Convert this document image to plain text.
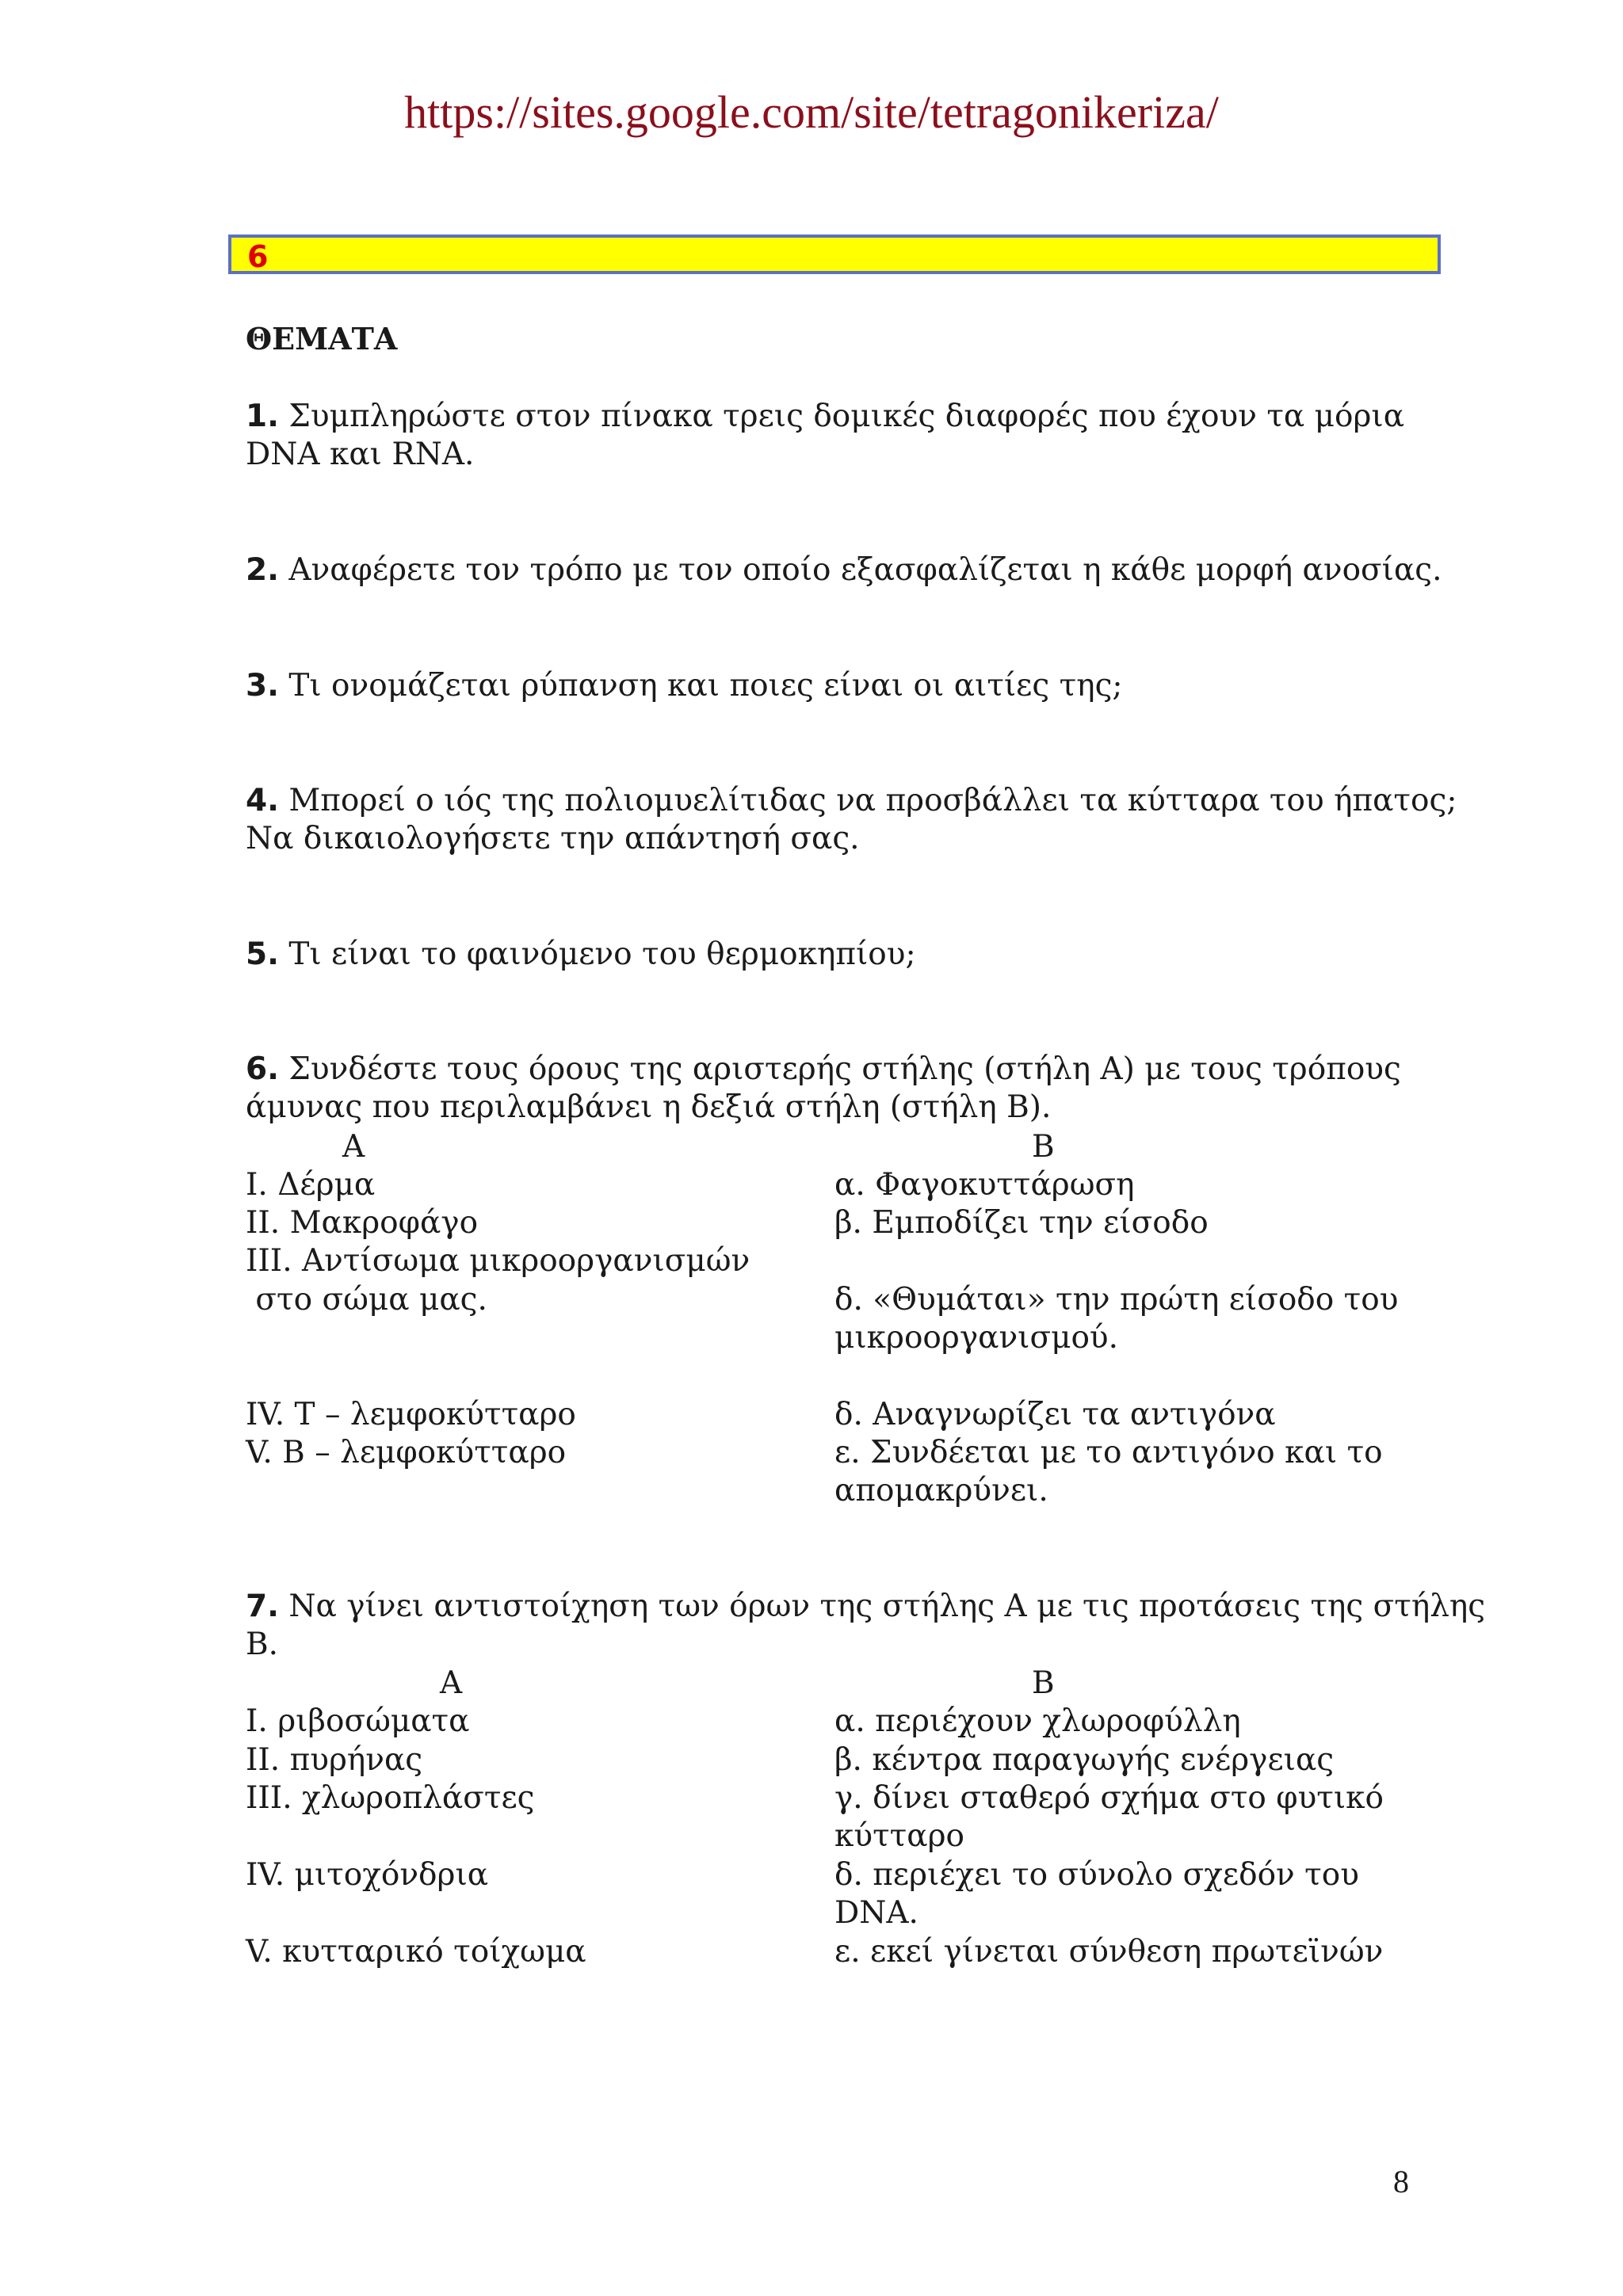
https://sites.google.com/site/tetragonikeriza/
6
ΘΕΜΑΤΑ
1. Συμπληρώστε στον πίνακα τρεις δομικές διαφορές που έχουν τα μόρια
DNA και RNA.
2. Αναφέρετε τον τρόπο με τον οποίο εξασφαλίζεται η κάθε μορφή ανοσίας.
3. Τι ονομάζεται ρύπανση και ποιες είναι οι αιτίες της;
4. Μπορεί ο ιός της πολιομυελίτιδας να προσβάλλει τα κύτταρα του ήπατος;
Να δικαιολογήσετε την απάντησή σας.
5. Τι είναι το φαινόμενο του θερμοκηπίου;
6. Συνδέστε τους όρους της αριστερής στήλης (στήλη Α) με τους τρόπους
άμυνας που περιλαμβάνει η δεξιά στήλη (στήλη Β).
Α	Β
Ι. Δέρμα
ΙΙ. Μακροφάγο
ΙΙΙ. Αντίσωμα μικροοργανισμών
στο σώμα μας.
ΙV. Τ – λεμφοκύτταρο
V. Β – λεμφοκύτταρο
α. Φαγοκυττάρωση
β. Εμποδίζει την είσοδο
δ. «Θυμάται» την πρώτη είσοδο του
μικροοργανισμού.
δ. Αναγνωρίζει τα αντιγόνα
ε. Συνδέεται με το αντιγόνο και το
απομακρύνει.
7. Να γίνει αντιστοίχηση των όρων της στήλης Α με τις προτάσεις της στήλης
Β.
Α	Β
Ι. ριβοσώματα
ΙΙ. πυρήνας
ΙΙΙ. χλωροπλάστες
ΙV. μιτοχόνδρια
V. κυτταρικό τοίχωμα
α. περιέχουν χλωροφύλλη
β. κέντρα παραγωγής ενέργειας
γ. δίνει σταθερό σχήμα στο φυτικό
κύτταρο
δ. περιέχει το σύνολο σχεδόν του
DNA.
ε. εκεί γίνεται σύνθεση πρωτεϊνών
8
